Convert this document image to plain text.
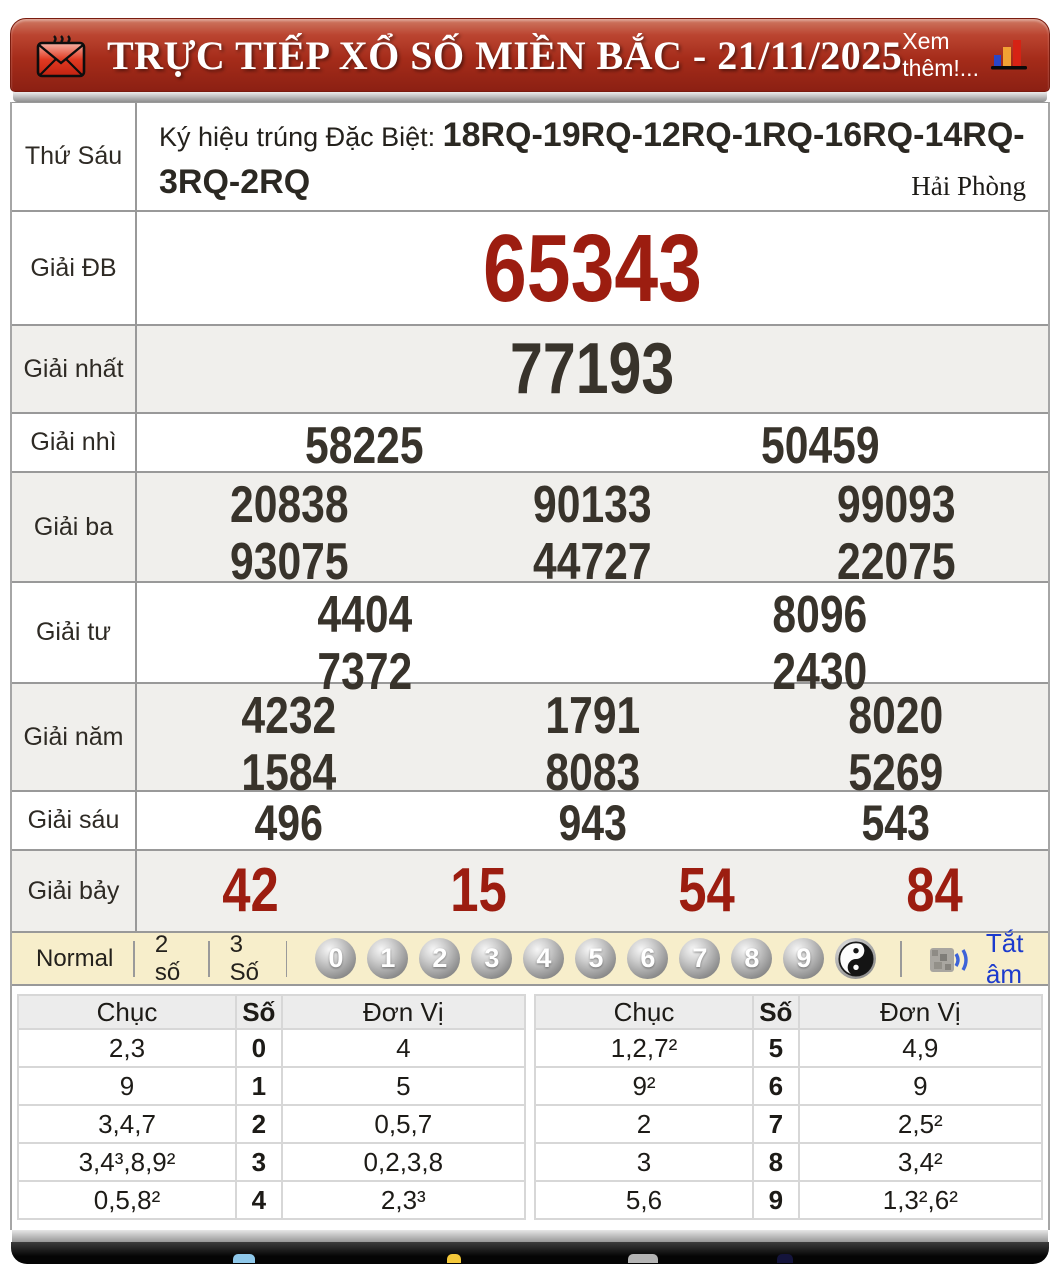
TRỰC TIẾP XỔ SỐ MIỀN BẮC - 21/11/2025 Xem thêm!...
Thứ Sáu
Ký hiệu trúng Đặc Biệt: 18RQ-19RQ-12RQ-1RQ-16RQ-14RQ-
3RQ-2RQ	Hải Phòng
Giải ĐB	65343
Giải nhất	77193
Giải nhì	58225	50459
Giải ba	20838	90133	99093
93075	44727	22075
Giải tư	4404	8096
7372	2430
Giải năm 4232	1791	8020
1584	8083	5269
Giải sáu	496	943	543
Giải bảy 42	15	54	84
Normal
2 số
3 Số	0	1	2	3	4	5	6	7	8	9
Tắt âm
Chục	Số	Đơn Vị
2,3	0	4
9	1	5
3,4,7	2	0,5,7
3,4³,8,9²	3	0,2,3,8
0,5,8²	4	2,3³
Chục	Số	Đơn Vị
1,2,7²	5	4,9
9²	6	9
2	7	2,5²
3	8	3,4²
5,6	9	1,3²,6²
